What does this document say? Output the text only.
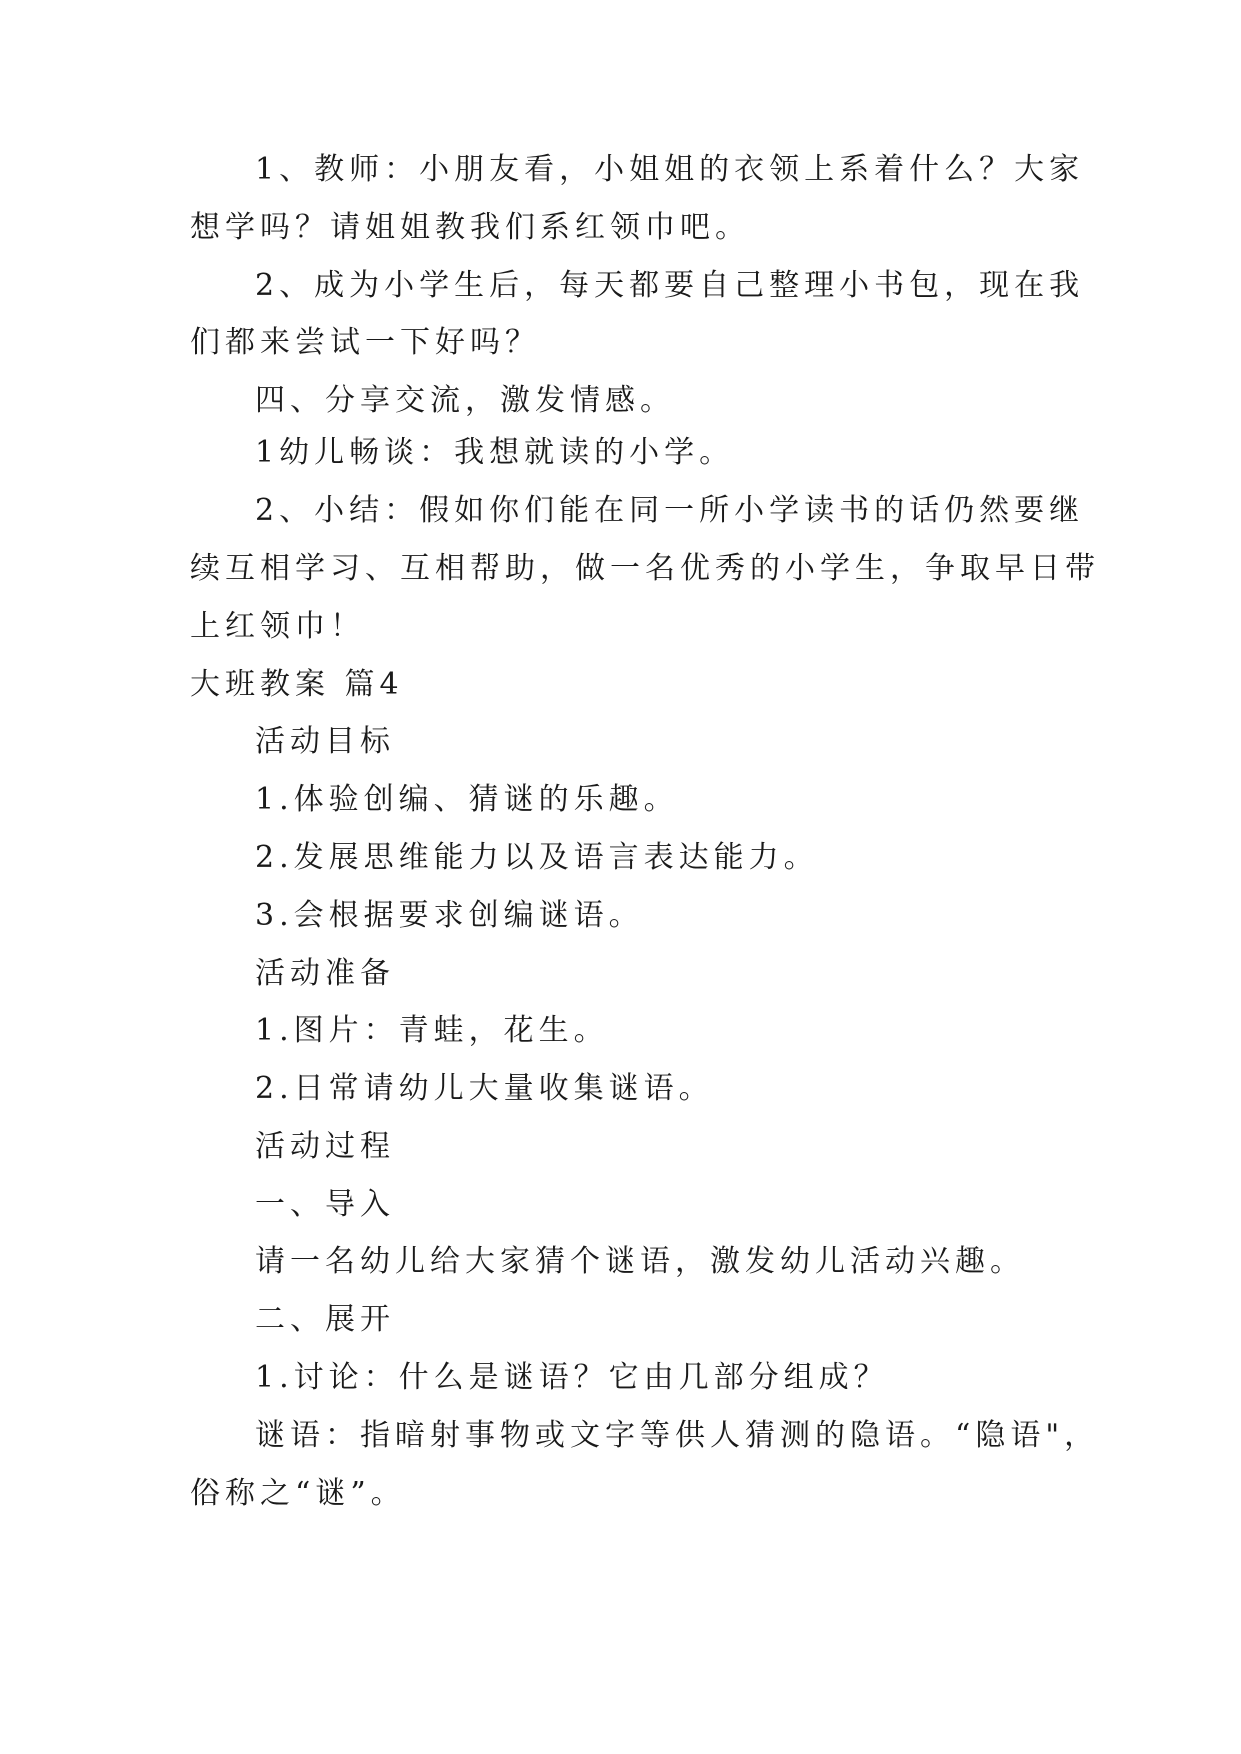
1、教师：小朋友看，小姐姐的衣领上系着什么？大家

想学吗？请姐姐教我们系红领巾吧。

2、成为小学生后，每天都要自己整理小书包，现在我

们都来尝试一下好吗？

四、分享交流，激发情感。

1幼儿畅谈：我想就读的小学。

2、小结：假如你们能在同一所小学读书的话仍然要继

续互相学习、互相帮助，做一名优秀的小学生，争取早日带

上红领巾！

大班教案 篇4

活动目标

1.体验创编、猜谜的乐趣。

2.发展思维能力以及语言表达能力。

3.会根据要求创编谜语。

活动准备

1.图片：青蛙，花生。

2.日常请幼儿大量收集谜语。

活动过程

一、导入

请一名幼儿给大家猜个谜语，激发幼儿活动兴趣。

二、展开

1.讨论：什么是谜语？它由几部分组成？

谜语：指暗射事物或文字等供人猜测的隐语。“隐语"，

俗称之“谜”。
